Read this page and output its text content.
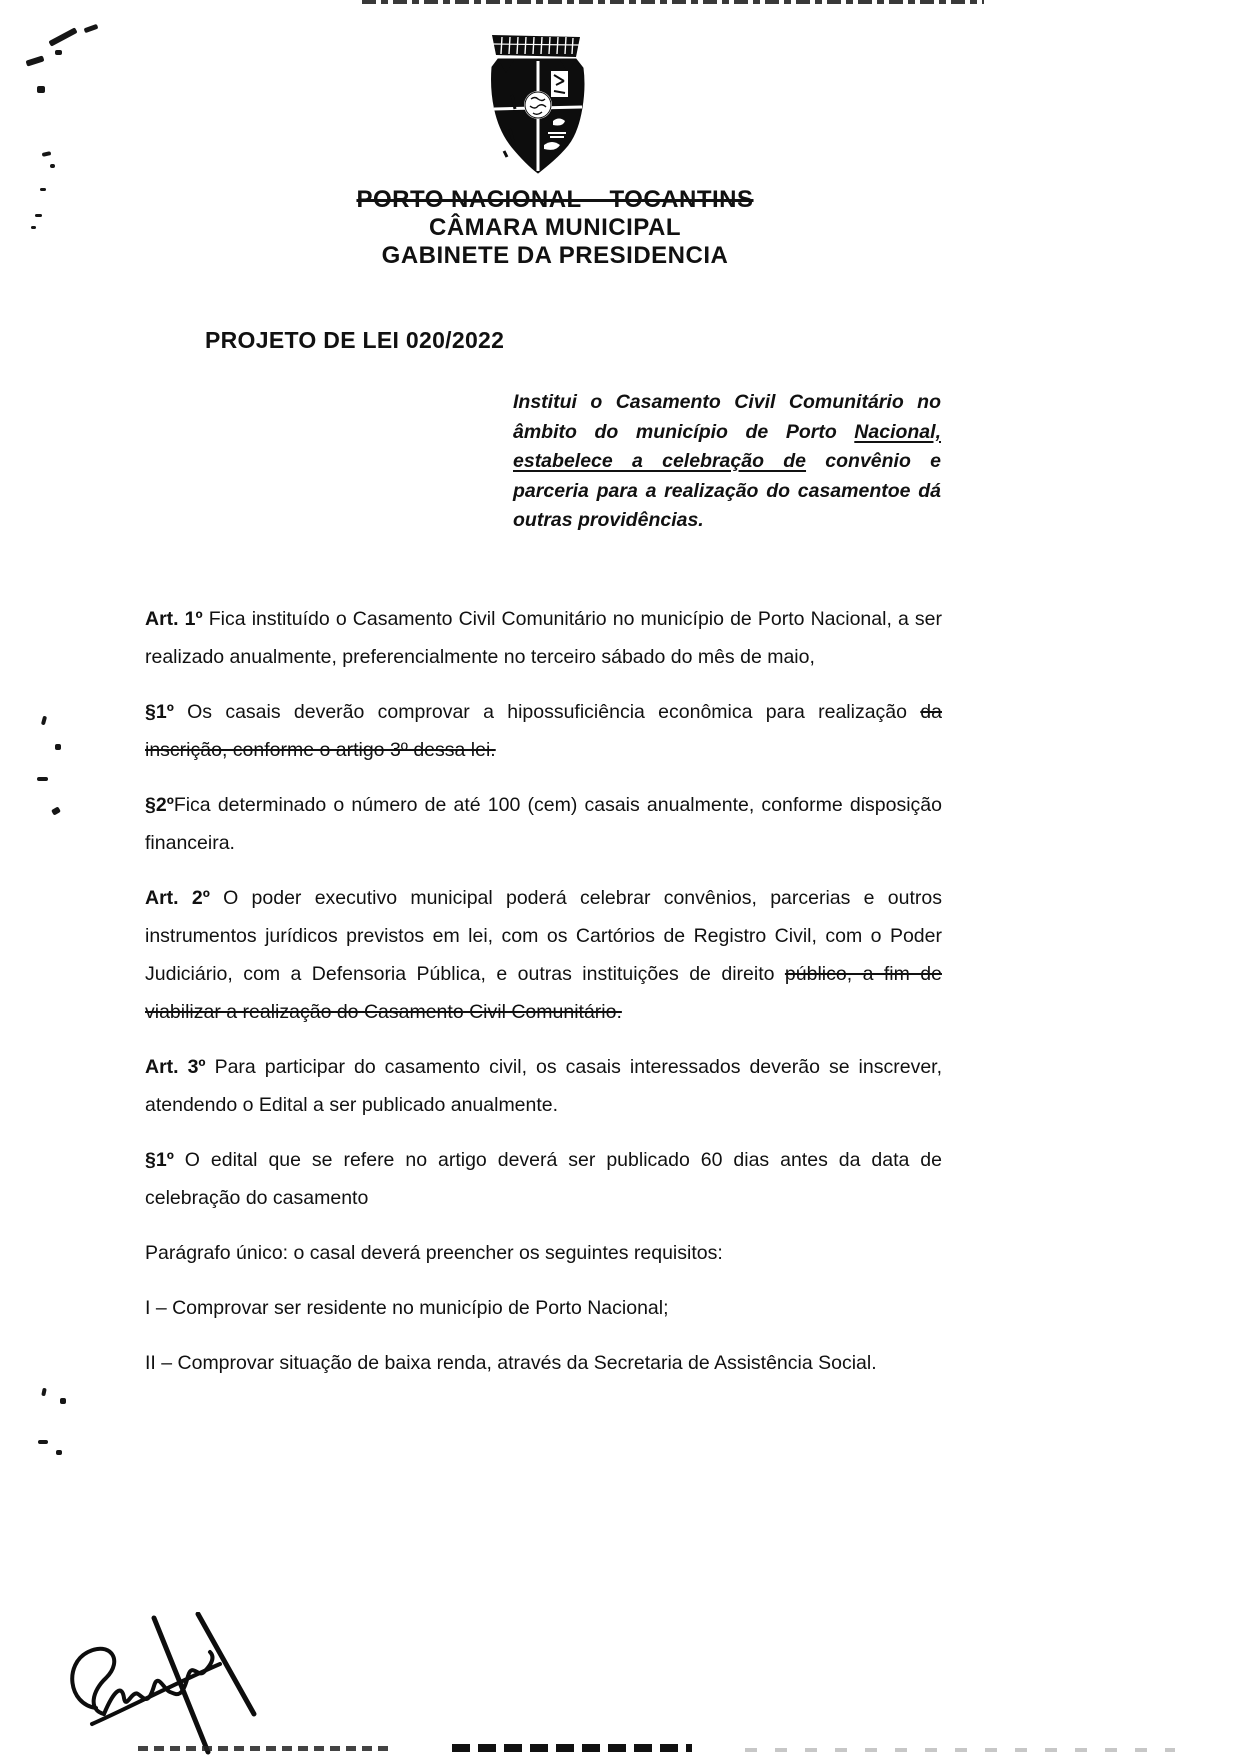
PORTO NACIONAL – TOCANTINS
CÂMARA MUNICIPAL
GABINETE DA PRESIDENCIA
PROJETO DE LEI 020/2022
Institui o Casamento Civil Comunitário no âmbito do município de Porto Nacional, estabelece a celebração de convênio e parceria para a realização do casamentoe dá outras providências.

Art. 1º Fica instituído o Casamento Civil Comunitário no município de Porto Nacional, a ser realizado anualmente, preferencialmente no terceiro sábado do mês de maio,

§1º Os casais deverão comprovar a hipossuficiência econômica para realização da inscrição, conforme o artigo 3º dessa lei.

§2ºFica determinado o número de até 100 (cem) casais anualmente, conforme disposição financeira.

Art. 2º O poder executivo municipal poderá celebrar convênios, parcerias e outros instrumentos jurídicos previstos em lei, com os Cartórios de Registro Civil, com o Poder Judiciário, com a Defensoria Pública, e outras instituições de direito público, a fim de viabilizar a realização do Casamento Civil Comunitário.

Art. 3º Para participar do casamento civil, os casais interessados deverão se inscrever, atendendo o Edital a ser publicado anualmente.

§1º O edital que se refere no artigo deverá ser publicado 60 dias antes da data de celebração do casamento

Parágrafo único: o casal deverá preencher os seguintes requisitos:

I – Comprovar ser residente no município de Porto Nacional;

II – Comprovar situação de baixa renda, através da Secretaria de Assistência Social.
